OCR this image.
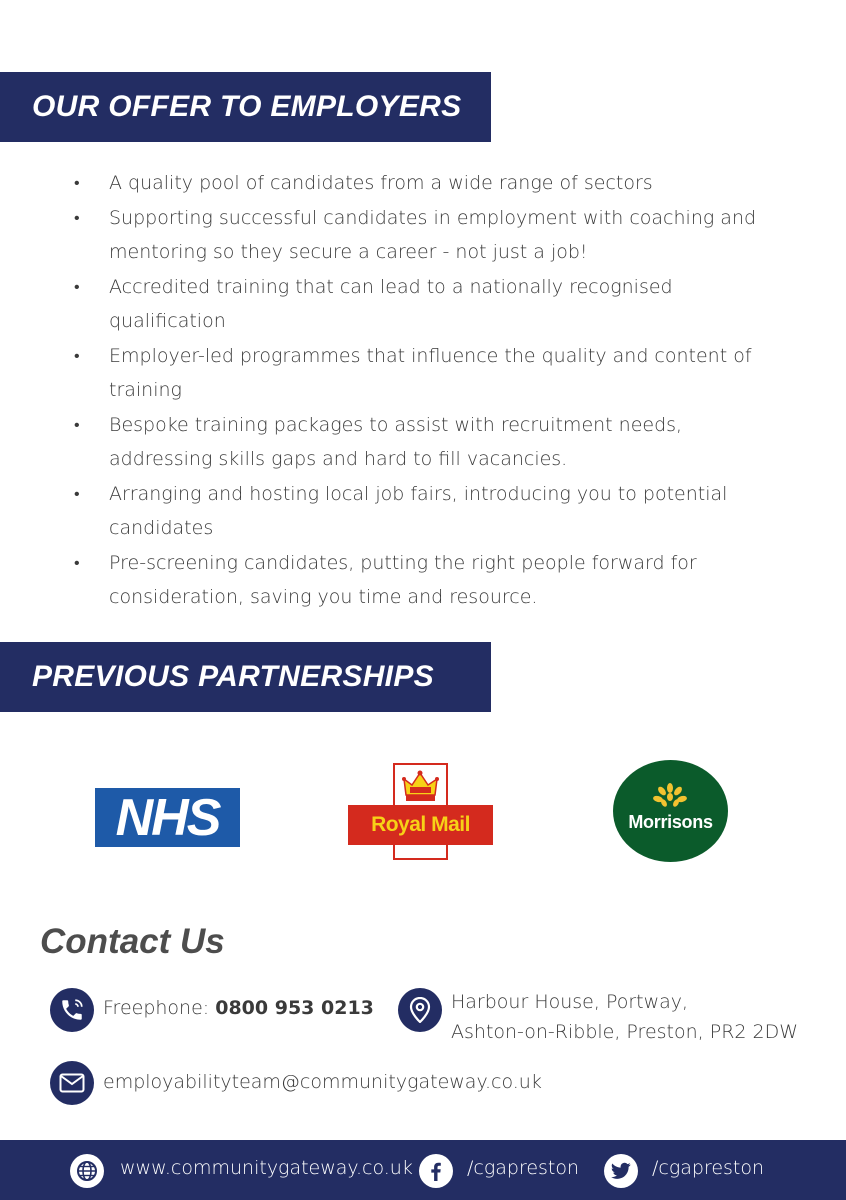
OUR OFFER TO EMPLOYERS
• A quality pool of candidates from a wide range of sectors
• Supporting successful candidates in employment with coaching and
mentoring so they secure a career - not just a job!
• Accredited training that can lead to a nationally recognised
qualification
• Employer-led programmes that influence the quality and content of
training
• Bespoke training packages to assist with recruitment needs,
addressing skills gaps and hard to fill vacancies.
• Arranging and hosting local job fairs, introducing you to potential
candidates
• Pre-screening candidates, putting the right people forward for
consideration, saving you time and resource.
PREVIOUS PARTNERSHIPS
NHS	Royal Mail	Morrisons
Contact Us
Freephone: 0800 953 0213	Harbour House, Portway,
Ashton-on-Ribble, Preston, PR2 2DW
employabilityteam@communitygateway.co.uk
www.communitygateway.co.uk	/cgapreston	/cgapreston
